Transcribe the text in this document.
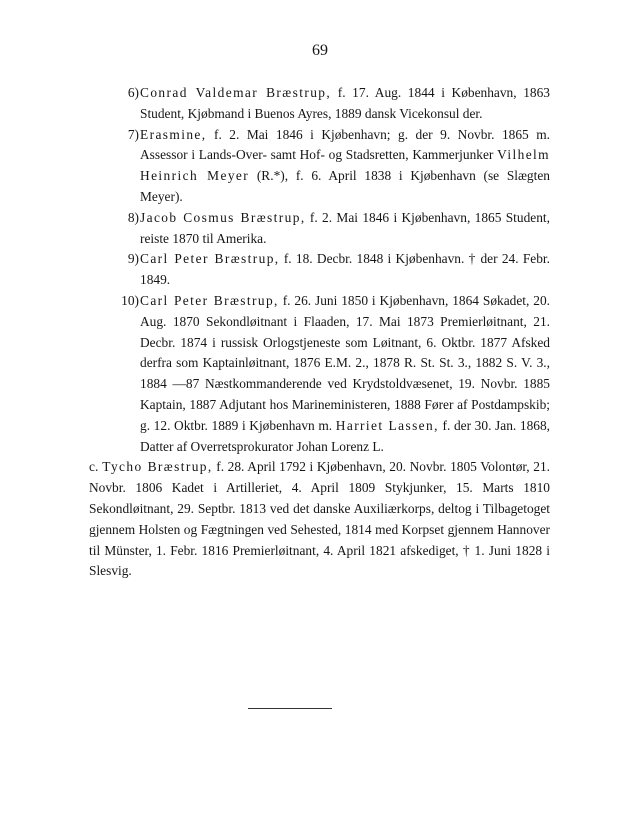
69
6) Conrad Valdemar Bræstrup, f. 17. Aug. 1844 i København, 1863 Student, Kjøbmand i Buenos Ayres, 1889 dansk Vicekonsul der.
7) Erasmine, f. 2. Mai 1846 i Kjøbenhavn; g. der 9. Novbr. 1865 m. Assessor i Lands-Over- samt Hof- og Stadsretten, Kammerjunker Vilhelm Heinrich Meyer (R.*), f. 6. April 1838 i Kjøbenhavn (se Slægten Meyer).
8) Jacob Cosmus Bræstrup, f. 2. Mai 1846 i Kjøbenhavn, 1865 Student, reiste 1870 til Amerika.
9) Carl Peter Bræstrup, f. 18. Decbr. 1848 i Kjøbenhavn. † der 24. Febr. 1849.
10) Carl Peter Bræstrup, f. 26. Juni 1850 i Kjøbenhavn, 1864 Søkadet, 20. Aug. 1870 Sekondløitnant i Flaaden, 17. Mai 1873 Premierløitnant, 21. Decbr. 1874 i russisk Orlogstjeneste som Løitnant, 6. Oktbr. 1877 Afsked derfra som Kaptainløitnant, 1876 E.M. 2., 1878 R. St. St. 3., 1882 S. V. 3., 1884 —87 Næstkommanderende ved Krydstoldvæsenet, 19. Novbr. 1885 Kaptain, 1887 Adjutant hos Marineministeren, 1888 Fører af Postdampskib; g. 12. Oktbr. 1889 i Kjøbenhavn m. Harriet Lassen, f. der 30. Jan. 1868, Datter af Overretsprokurator Johan Lorenz L.
c. Tycho Bræstrup, f. 28. April 1792 i Kjøbenhavn, 20. Novbr. 1805 Volontør, 21. Novbr. 1806 Kadet i Artilleriet, 4. April 1809 Stykjunker, 15. Marts 1810 Sekondløitnant, 29. Septbr. 1813 ved det danske Auxiliærkorps, deltog i Tilbagetoget gjennem Holsten og Fægtningen ved Sehested, 1814 med Korpset gjennem Hannover til Münster, 1. Febr. 1816 Premierløitnant, 4. April 1821 afskediget, † 1. Juni 1828 i Slesvig.
